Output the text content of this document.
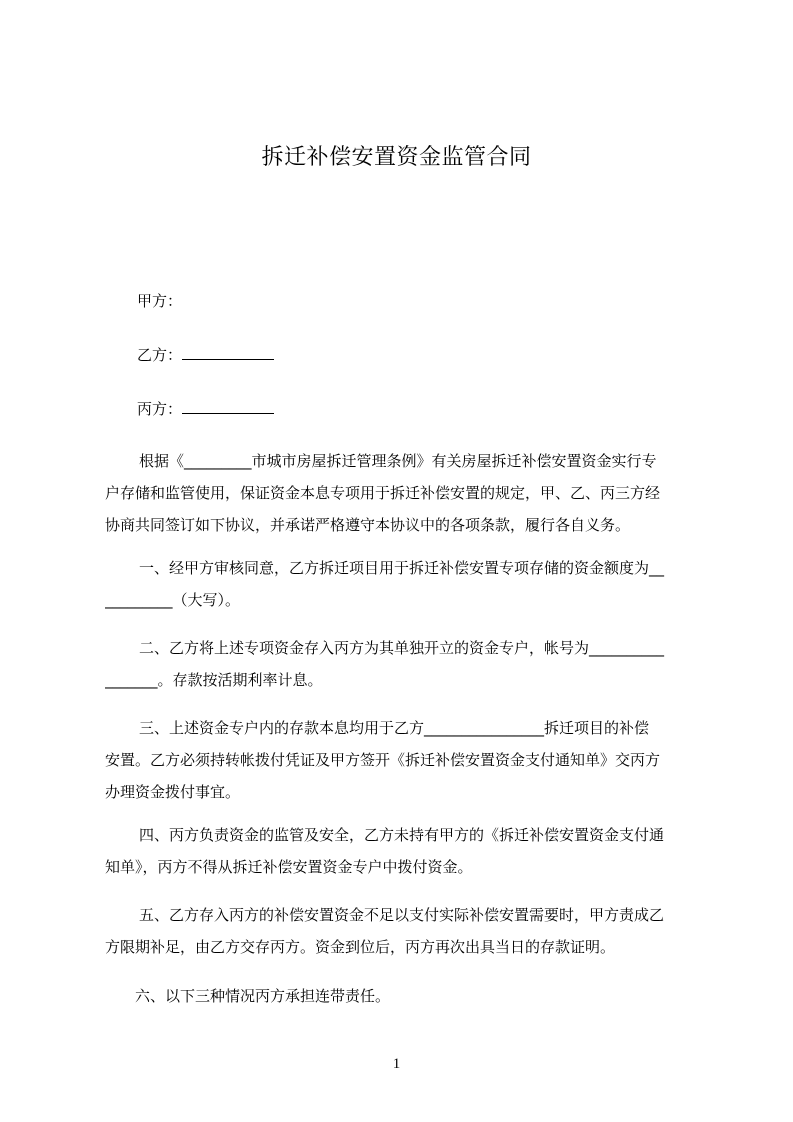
拆迁补偿安置资金监管合同
甲方：
乙方：
丙方：
根据《_________市城市房屋拆迁管理条例》有关房屋拆迁补偿安置资金实行专
户存储和监管使用，保证资金本息专项用于拆迁补偿安置的规定，甲、乙、丙三方经
协商共同签订如下协议，并承诺严格遵守本协议中的各项条款，履行各自义务。
一、经甲方审核同意，乙方拆迁项目用于拆迁补偿安置专项存储的资金额度为__
_________（大写）。
二、乙方将上述专项资金存入丙方为其单独开立的资金专户，帐号为__________
_______。存款按活期利率计息。
三、上述资金专户内的存款本息均用于乙方________________拆迁项目的补偿
安置。乙方必须持转帐拨付凭证及甲方签开《拆迁补偿安置资金支付通知单》交丙方
办理资金拨付事宜。
四、丙方负责资金的监管及安全，乙方未持有甲方的《拆迁补偿安置资金支付通
知单》，丙方不得从拆迁补偿安置资金专户中拨付资金。
五、乙方存入丙方的补偿安置资金不足以支付实际补偿安置需要时，甲方责成乙
方限期补足，由乙方交存丙方。资金到位后，丙方再次出具当日的存款证明。
六、以下三种情况丙方承担连带责任。
1
